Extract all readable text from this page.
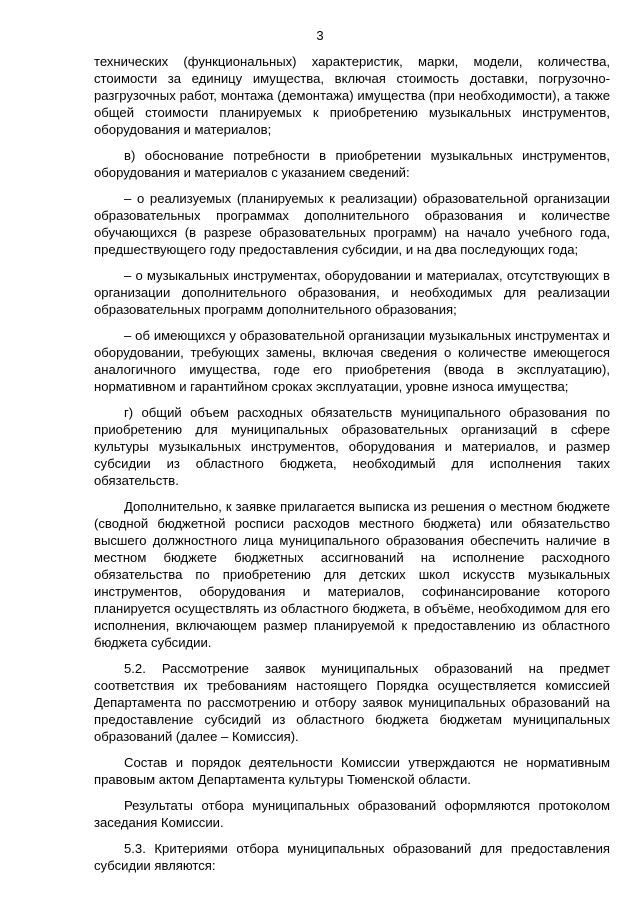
3

технических (функциональных) характеристик, марки, модели, количества, стоимости за единицу имущества, включая стоимость доставки, погрузочно-разгрузочных работ, монтажа (демонтажа) имущества (при необходимости), а также общей стоимости планируемых к приобретению музыкальных инструментов, оборудования и материалов;

в) обоснование потребности в приобретении музыкальных инструментов, оборудования и материалов с указанием сведений:

– о реализуемых (планируемых к реализации) образовательной организации образовательных программах дополнительного образования и количестве обучающихся (в разрезе образовательных программ) на начало учебного года, предшествующего году предоставления субсидии, и на два последующих года;

– о музыкальных инструментах, оборудовании и материалах, отсутствующих в организации дополнительного образования, и необходимых для реализации образовательных программ дополнительного образования;

– об имеющихся у образовательной организации музыкальных инструментах и оборудовании, требующих замены, включая сведения о количестве имеющегося аналогичного имущества, годе его приобретения (ввода в эксплуатацию), нормативном и гарантийном сроках эксплуатации, уровне износа имущества;

г) общий объем расходных обязательств муниципального образования по приобретению для муниципальных образовательных организаций в сфере культуры музыкальных инструментов, оборудования и материалов, и размер субсидии из областного бюджета, необходимый для исполнения таких обязательств.

Дополнительно, к заявке прилагается выписка из решения о местном бюджете (сводной бюджетной росписи расходов местного бюджета) или обязательство высшего должностного лица муниципального образования обеспечить наличие в местном бюджете бюджетных ассигнований на исполнение расходного обязательства по приобретению для детских школ искусств музыкальных инструментов, оборудования и материалов, софинансирование которого планируется осуществлять из областного бюджета, в объёме, необходимом для его исполнения, включающем размер планируемой к предоставлению из областного бюджета субсидии.

5.2. Рассмотрение заявок муниципальных образований на предмет соответствия их требованиям настоящего Порядка осуществляется комиссией Департамента по рассмотрению и отбору заявок муниципальных образований на предоставление субсидий из областного бюджета бюджетам муниципальных образований (далее – Комиссия).

Состав и порядок деятельности Комиссии утверждаются не нормативным правовым актом Департамента культуры Тюменской области.

Результаты отбора муниципальных образований оформляются протоколом заседания Комиссии.

5.3. Критериями отбора муниципальных образований для предоставления субсидии являются:
